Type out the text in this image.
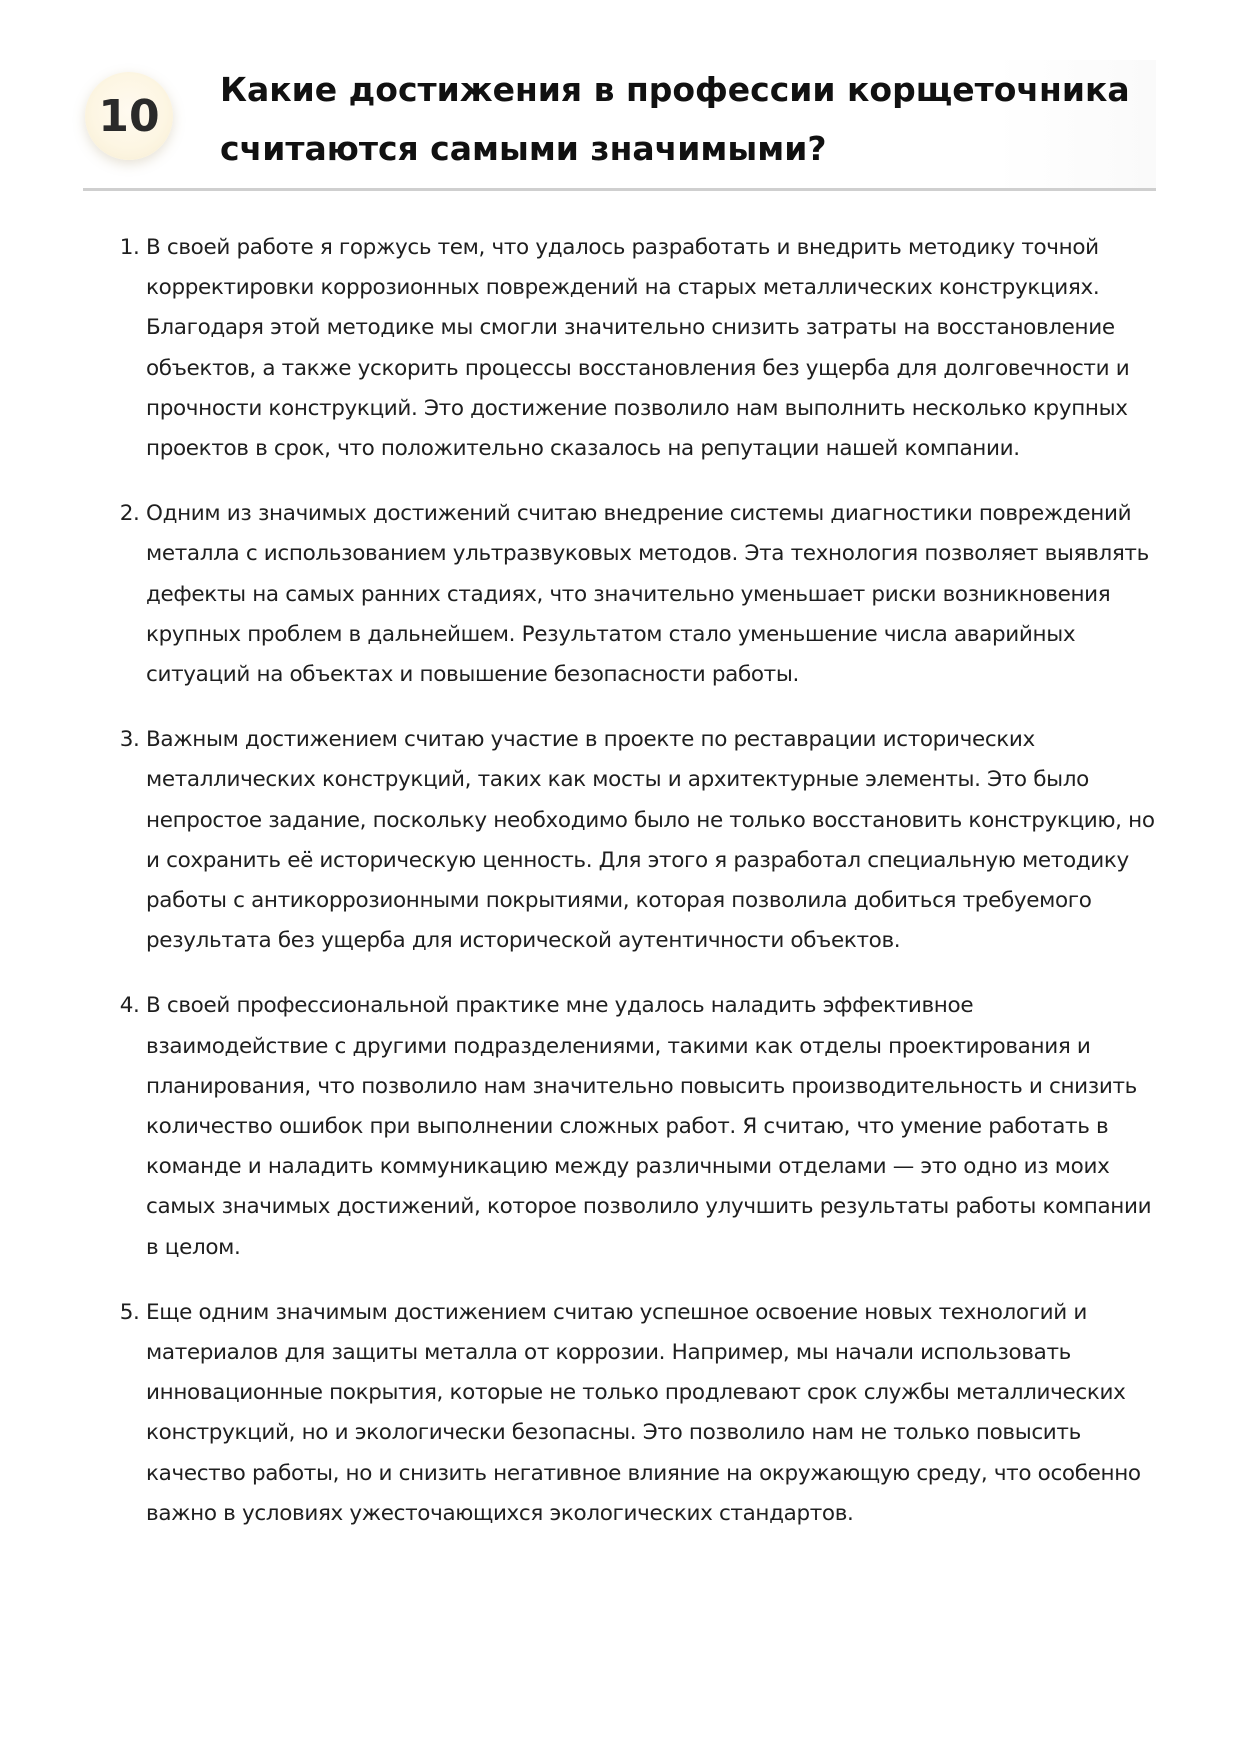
10
Какие достижения в профессии корщеточника считаются самыми значимыми?
1. В своей работе я горжусь тем, что удалось разработать и внедрить методику точной корректировки коррозионных повреждений на старых металлических конструкциях. Благодаря этой методике мы смогли значительно снизить затраты на восстановление объектов, а также ускорить процессы восстановления без ущерба для долговечности и прочности конструкций. Это достижение позволило нам выполнить несколько крупных проектов в срок, что положительно сказалось на репутации нашей компании.
2. Одним из значимых достижений считаю внедрение системы диагностики повреждений металла с использованием ультразвуковых методов. Эта технология позволяет выявлять дефекты на самых ранних стадиях, что значительно уменьшает риски возникновения крупных проблем в дальнейшем. Результатом стало уменьшение числа аварийных ситуаций на объектах и повышение безопасности работы.
3. Важным достижением считаю участие в проекте по реставрации исторических металлических конструкций, таких как мосты и архитектурные элементы. Это было непростое задание, поскольку необходимо было не только восстановить конструкцию, но и сохранить её историческую ценность. Для этого я разработал специальную методику работы с антикоррозионными покрытиями, которая позволила добиться требуемого результата без ущерба для исторической аутентичности объектов.
4. В своей профессиональной практике мне удалось наладить эффективное взаимодействие с другими подразделениями, такими как отделы проектирования и планирования, что позволило нам значительно повысить производительность и снизить количество ошибок при выполнении сложных работ. Я считаю, что умение работать в команде и наладить коммуникацию между различными отделами — это одно из моих самых значимых достижений, которое позволило улучшить результаты работы компании в целом.
5. Еще одним значимым достижением считаю успешное освоение новых технологий и материалов для защиты металла от коррозии. Например, мы начали использовать инновационные покрытия, которые не только продлевают срок службы металлических конструкций, но и экологически безопасны. Это позволило нам не только повысить качество работы, но и снизить негативное влияние на окружающую среду, что особенно важно в условиях ужесточающихся экологических стандартов.
